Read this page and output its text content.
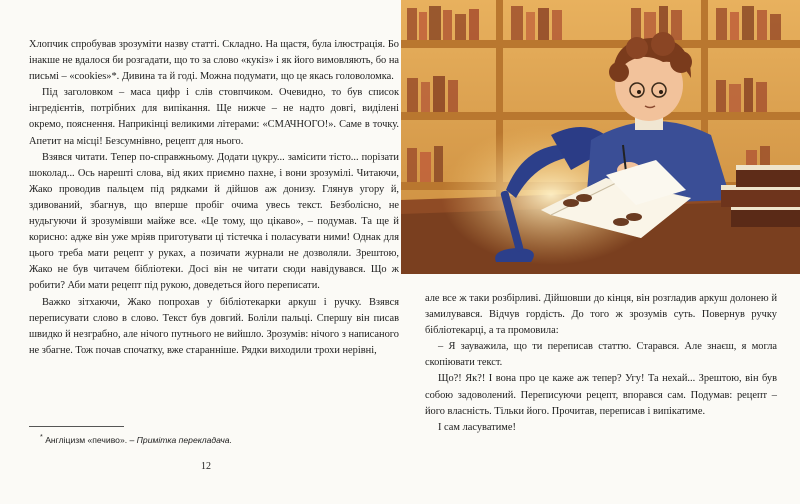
Хлопчик спробував зрозуміти назву статті. Складно. На щастя, була ілюстрація. Бо інакше не вдалося би розгадати, що то за слово «кукіз» і як його вимовляють, бо на письмі – «cookies»*. Дивина та й годі. Можна подумати, що це якась головоломка.

Під заголовком – маса цифр і слів стовпчиком. Очевидно, то був список інгредієнтів, потрібних для випікання. Ще нижче – не надто довгі, виділені окремо, пояснення. Наприкінці великими літерами: «СМАЧНОГО!». Саме в точку. Апетит на місці! Безсумнівно, рецепт для нього.

Взявся читати. Тепер по-справжньому. Додати цукру... замісити тісто... порізати шоколад... Ось нарешті слова, від яких приємно пахне, і вони зрозумілі. Читаючи, Жако проводив пальцем під рядками й дійшов аж донизу. Глянув угору й, здивований, збагнув, що вперше пробіг очима увесь текст. Безболісно, не нудьгуючи й зрозумівши майже все. «Це тому, що цікаво», – подумав. Та ще й корисно: адже він уже мріяв приготувати ці тістечка і поласувати ними! Однак для цього треба мати рецепт у руках, а позичати журнали не дозволяли. Зрештою, Жако не був читачем бібліотеки. Досі він не читати сюди навідувався. Що ж робити? Аби мати рецепт під рукою, доведеться його переписати.

Важко зітхаючи, Жако попрохав у бібліотекарки аркуш і ручку. Взявся переписувати слово в слово. Текст був довгий. Боліли пальці. Спершу він писав швидко й незграбно, але нічого путнього не вийшло. Зрозумів: нічого з написаного не збагне. Тож почав спочатку, вже старанніше. Рядки виходили трохи нерівні,

* Англіцизм «печиво». – Примітка перекладача.
12

але все ж таки розбірливі. Дійшовши до кінця, він розгладив аркуш долонею й замилувався. Відчув гордість. До того ж зрозумів суть. Повернув ручку бібліотекарці, а та промовила:

– Я зауважила, що ти переписав статтю. Старався. Але знаєш, я могла скопіювати текст.

Що?! Як?! І вона про це каже аж тепер? Угу! Та нехай... Зрештою, він був собою задоволений. Переписуючи рецепт, впорався сам. Подумав: рецепт – його власність. Тільки його. Прочитав, переписав і випікатиме.

І сам ласуватиме!
